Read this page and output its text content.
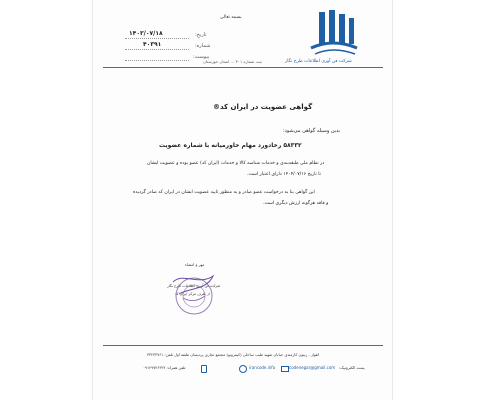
بسمه تعالی
تاریخ:
۱۴۰۳/۰۷/۱۸
شماره:
۴۰۳۹۱
پیوست:
شرکت فن آوری اطلاعات طرح نگار
ثبت شماره ۳۰۱ ... استان خوزستان
گواهی عضویت در ایران کد®
بدین وسیله گواهی می‌شود:
۵۸۳۳۲ رخادورد مهام خاورمیانه با شماره عضویت
در نظام ملی طبقه‌بندی و خدمات شناسه کالا و خدمات (ایران کد) عضو بوده و عضویت ایشان
تا تاریخ ۱۴۰۴/۰۷/۱۶ دارای اعتبار است.
این گواهی بنا به درخواست عضو صادر و به منظور تایید عضویت ایشان در ایران کد صادر گردیده
و فاقد هرگونه ارزش دیگری است.
مهر و امضاء
شرکت فن آوری اطلاعات طرح نگار
از طرف مرکز ایران کد
اهواز - زیتون کارمندی خیابان شهید طیب ساحلی (کیمرونو) مجتمع تجاری پردیسان طبقه اول تلفن: ۳۳۲۳۳۷۶۱
تلفن همراه: ۰۹۱۲۹۷۴۶۳۲۴	irancode.info	codenegar@gmail.com پست الکترونیک:
